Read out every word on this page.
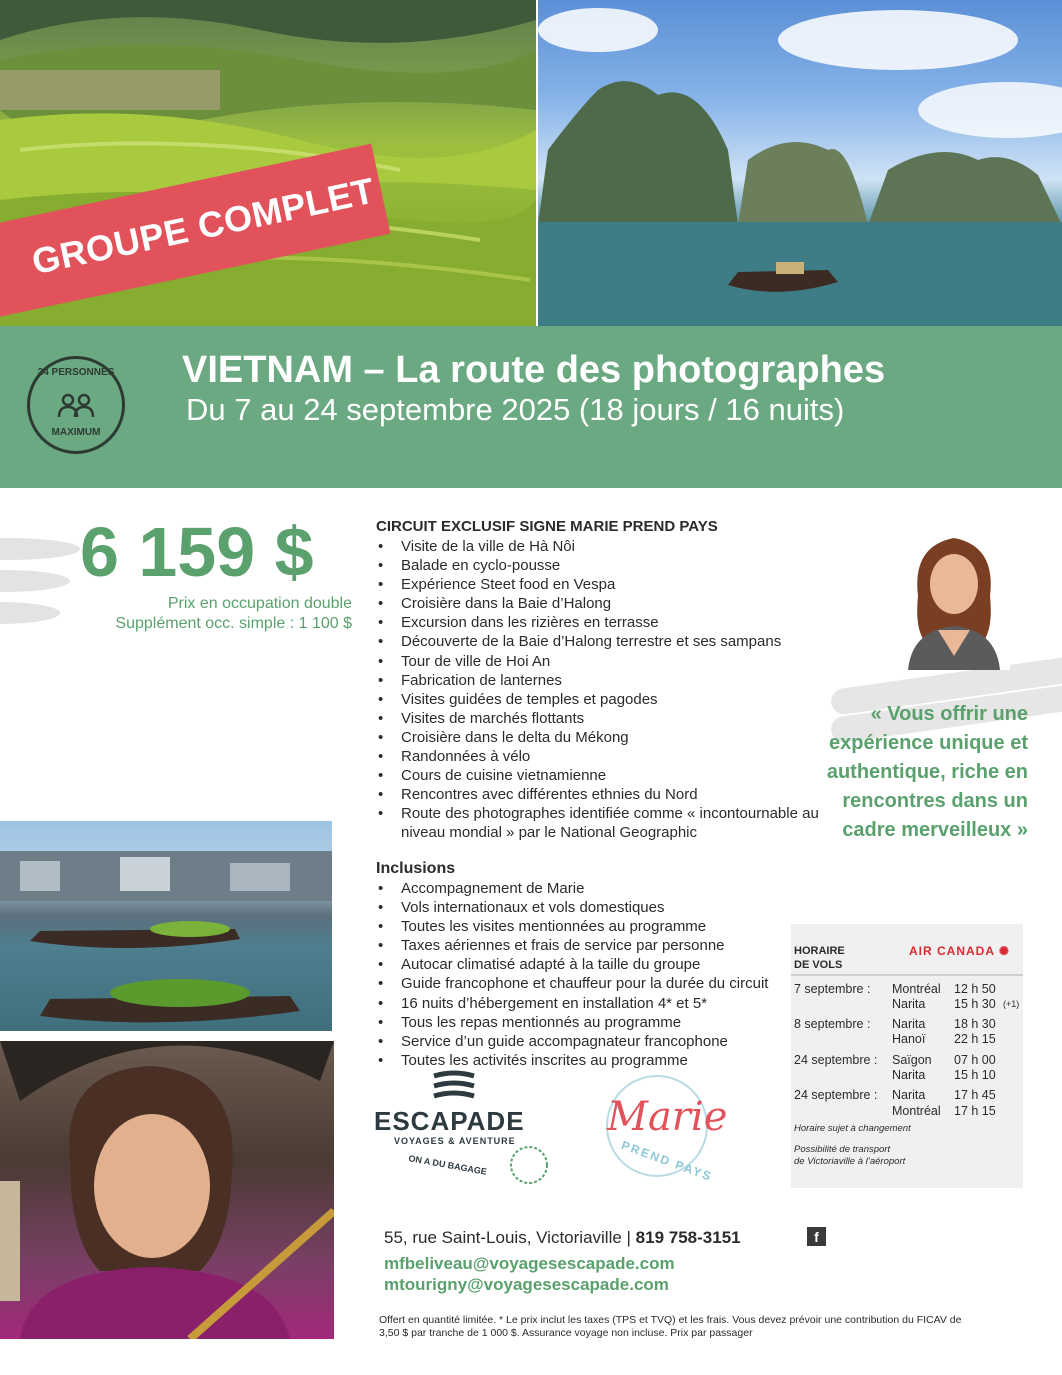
GROUPE COMPLET
24 PERSONNES
MAXIMUM
VIETNAM – La route des photographes
Du 7 au 24 septembre 2025 (18 jours / 16 nuits)
6 159 $
Prix en occupation double
Supplément occ. simple : 1 100 $
CIRCUIT EXCLUSIF SIGNE MARIE PREND PAYS
• Visite de la ville de Hà Nôi
• Balade en cyclo-pousse
• Expérience Steet food en Vespa
• Croisière dans la Baie d’Halong
• Excursion dans les rizières en terrasse
• Découverte de la Baie d’Halong terrestre et ses sampans
• Tour de ville de Hoi An
• Fabrication de lanternes
• Visites guidées de temples et pagodes
• Visites de marchés flottants
• Croisière dans le delta du Mékong
• Randonnées à vélo
• Cours de cuisine vietnamienne
• Rencontres avec différentes ethnies du Nord
• Route des photographes identifiée comme « incontournable au niveau mondial » par le National Geographic
« Vous offrir une expérience unique et authentique, riche en rencontres dans un cadre merveilleux »
Inclusions
• Accompagnement de Marie
• Vols internationaux et vols domestiques
• Toutes les visites mentionnées au programme
• Taxes aériennes et frais de service par personne
• Autocar climatisé adapté à la taille du groupe
• Guide francophone et chauffeur pour la durée du circuit
• 16 nuits d’hébergement en installation 4* et 5*
• Tous les repas mentionnés au programme
• Service d’un guide accompagnateur francophone
• Toutes les activités inscrites au programme
ESCAPADE
VOYAGES & AVENTURE
ON A DU BAGAGE
Marie
PREND PAYS
HORAIRE
DE VOLS
AIR CANADA ✺
7 septembre : Montréal 12 h 50
Narita 15 h 30 (+1)
8 septembre : Narita 18 h 30
Hanoï 22 h 15
24 septembre : Saïgon 07 h 00
Narita 15 h 10
24 septembre : Narita 17 h 45
Montréal 17 h 15
Horaire sujet à changement
Possibilité de transport
de Victoriaville à l’aéroport
55, rue Saint-Louis, Victoriaville | 819 758-3151	f
mfbeliveau@voyagesescapade.com
mtourigny@voyagesescapade.com
Offert en quantité limitée. * Le prix inclut les taxes (TPS et TVQ) et les frais. Vous devez prévoir une contribution du FICAV de 3,50 $ par tranche de 1 000 $. Assurance voyage non incluse. Prix par passager
